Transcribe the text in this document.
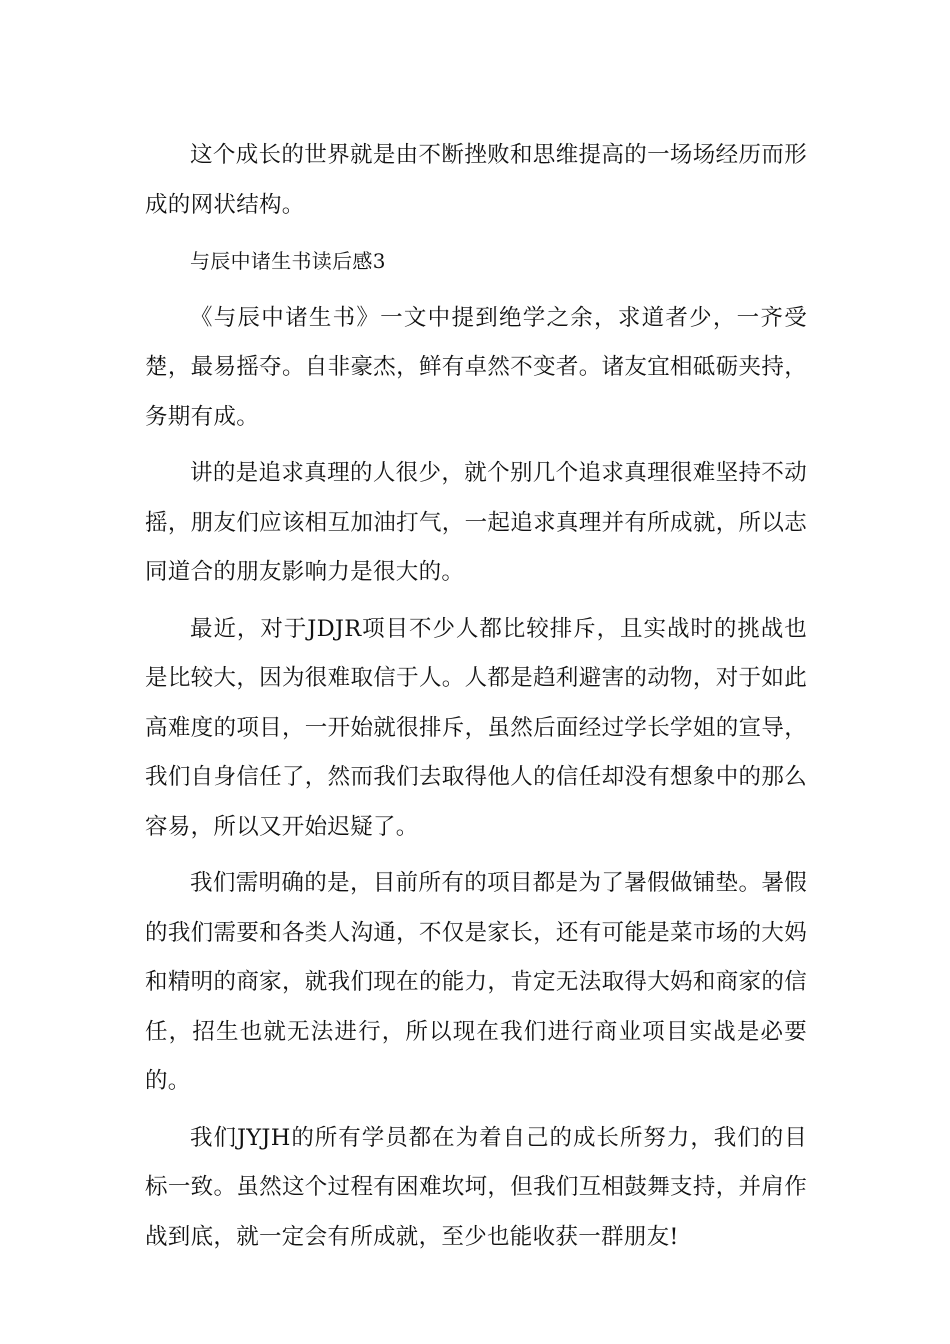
这个成长的世界就是由不断挫败和思维提高的一场场经历而形成的网状结构。

与辰中诸生书读后感3

《与辰中诸生书》一文中提到绝学之余，求道者少，一齐受楚，最易摇夺。自非豪杰，鲜有卓然不变者。诸友宜相砥砺夹持，务期有成。

讲的是追求真理的人很少，就个别几个追求真理很难坚持不动摇，朋友们应该相互加油打气，一起追求真理并有所成就，所以志同道合的朋友影响力是很大的。

最近，对于JDJR项目不少人都比较排斥，且实战时的挑战也是比较大，因为很难取信于人。人都是趋利避害的动物，对于如此高难度的项目，一开始就很排斥，虽然后面经过学长学姐的宣导，我们自身信任了，然而我们去取得他人的信任却没有想象中的那么容易，所以又开始迟疑了。

我们需明确的是，目前所有的项目都是为了暑假做铺垫。暑假的我们需要和各类人沟通，不仅是家长，还有可能是菜市场的大妈和精明的商家，就我们现在的能力，肯定无法取得大妈和商家的信任，招生也就无法进行，所以现在我们进行商业项目实战是必要的。

我们JYJH的所有学员都在为着自己的成长所努力，我们的目标一致。虽然这个过程有困难坎坷，但我们互相鼓舞支持，并肩作战到底，就一定会有所成就，至少也能收获一群朋友!
